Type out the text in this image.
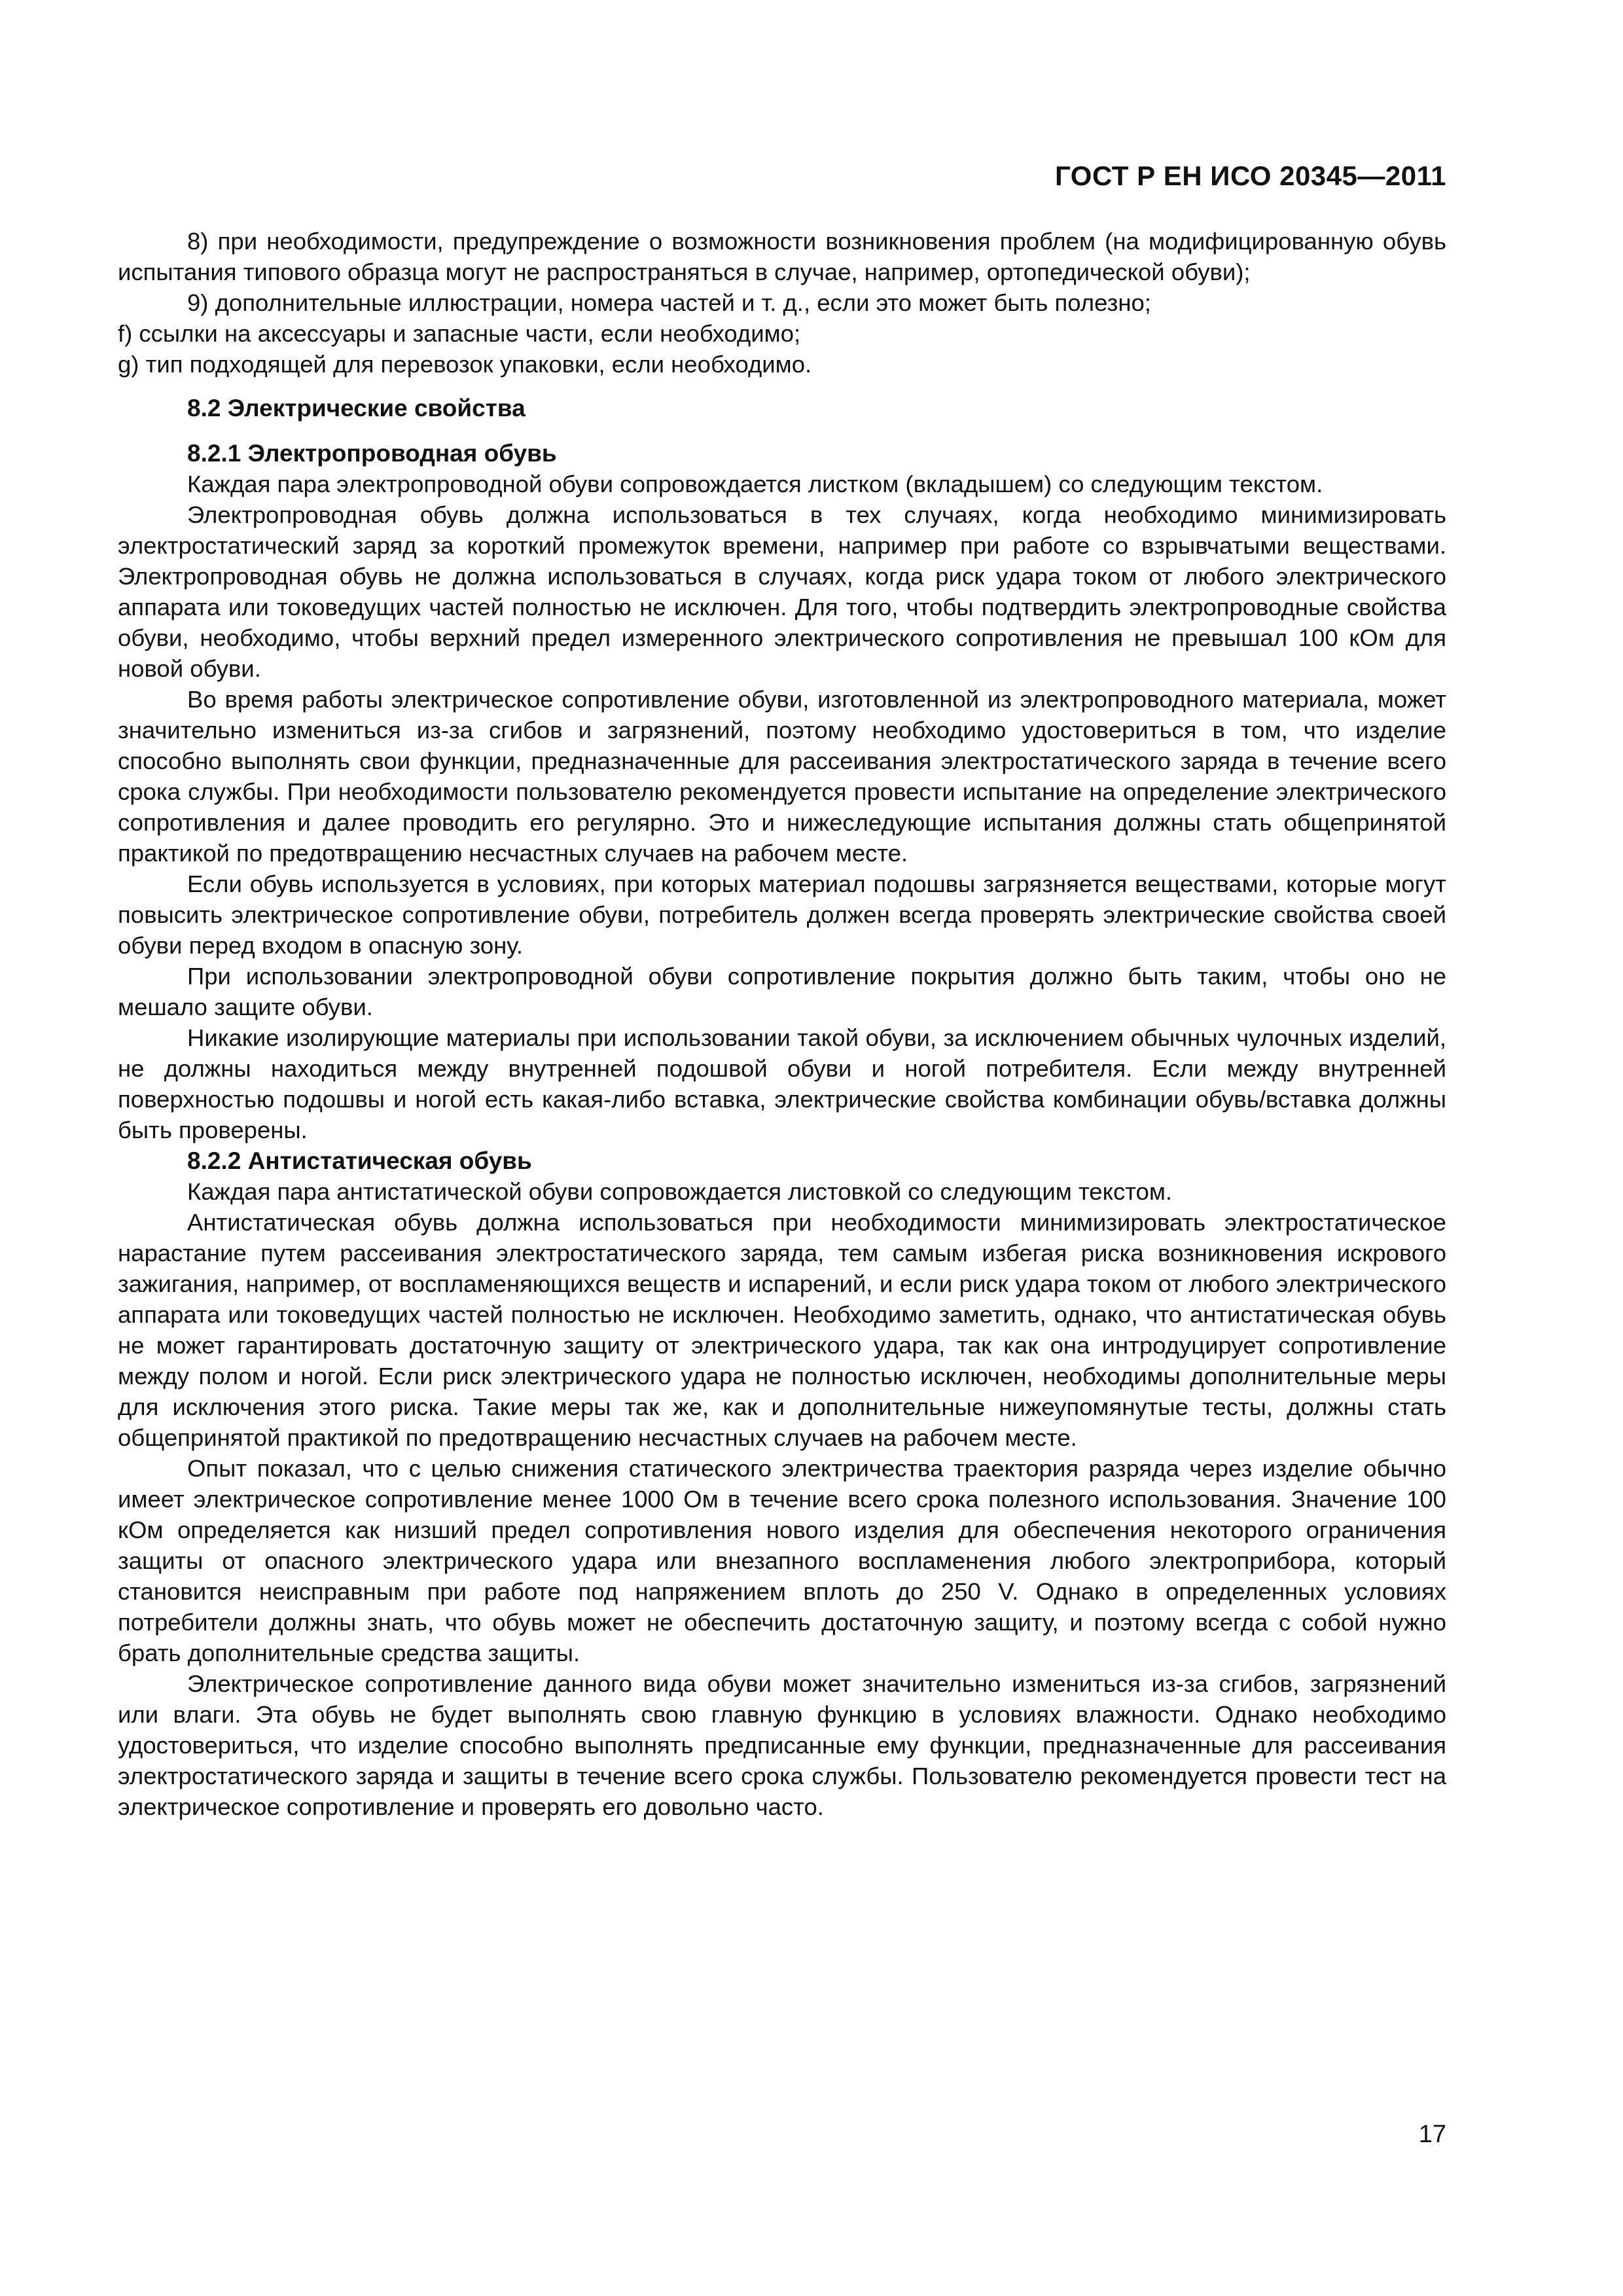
ГОСТ Р ЕН ИСО 20345—2011

8) при необходимости, предупреждение о возможности возникновения проблем (на модифицированную обувь испытания типового образца могут не распространяться в случае, например, ортопедической обуви);

9) дополнительные иллюстрации, номера частей и т. д., если это может быть полезно;

f) ссылки на аксессуары и запасные части, если необходимо;

g) тип подходящей для перевозок упаковки, если необходимо.

8.2 Электрические свойства
8.2.1 Электропроводная обувь

Каждая пара электропроводной обуви сопровождается листком (вкладышем) со следующим текстом.

Электропроводная обувь должна использоваться в тех случаях, когда необходимо минимизировать электростатический заряд за короткий промежуток времени, например при работе со взрывчатыми веществами. Электропроводная обувь не должна использоваться в случаях, когда риск удара током от любого электрического аппарата или токоведущих частей полностью не исключен. Для того, чтобы подтвердить электропроводные свойства обуви, необходимо, чтобы верхний предел измеренного электрического сопротивления не превышал 100 кОм для новой обуви.

Во время работы электрическое сопротивление обуви, изготовленной из электропроводного материала, может значительно измениться из-за сгибов и загрязнений, поэтому необходимо удостовериться в том, что изделие способно выполнять свои функции, предназначенные для рассеивания электростатического заряда в течение всего срока службы. При необходимости пользователю рекомендуется провести испытание на определение электрического сопротивления и далее проводить его регулярно. Это и нижеследующие испытания должны стать общепринятой практикой по предотвращению несчастных случаев на рабочем месте.

Если обувь используется в условиях, при которых материал подошвы загрязняется веществами, которые могут повысить электрическое сопротивление обуви, потребитель должен всегда проверять электрические свойства своей обуви перед входом в опасную зону.

При использовании электропроводной обуви сопротивление покрытия должно быть таким, чтобы оно не мешало защите обуви.

Никакие изолирующие материалы при использовании такой обуви, за исключением обычных чулочных изделий, не должны находиться между внутренней подошвой обуви и ногой потребителя. Если между внутренней поверхностью подошвы и ногой есть какая-либо вставка, электрические свойства комбинации обувь/вставка должны быть проверены.

8.2.2 Антистатическая обувь

Каждая пара антистатической обуви сопровождается листовкой со следующим текстом.

Антистатическая обувь должна использоваться при необходимости минимизировать электростатическое нарастание путем рассеивания электростатического заряда, тем самым избегая риска возникновения искрового зажигания, например, от воспламеняющихся веществ и испарений, и если риск удара током от любого электрического аппарата или токоведущих частей полностью не исключен. Необходимо заметить, однако, что антистатическая обувь не может гарантировать достаточную защиту от электрического удара, так как она интродуцирует сопротивление между полом и ногой. Если риск электрического удара не полностью исключен, необходимы дополнительные меры для исключения этого риска. Такие меры так же, как и дополнительные нижеупомянутые тесты, должны стать общепринятой практикой по предотвращению несчастных случаев на рабочем месте.

Опыт показал, что с целью снижения статического электричества траектория разряда через изделие обычно имеет электрическое сопротивление менее 1000 Ом в течение всего срока полезного использования. Значение 100 кОм определяется как низший предел сопротивления нового изделия для обеспечения некоторого ограничения защиты от опасного электрического удара или внезапного воспламенения любого электроприбора, который становится неисправным при работе под напряжением вплоть до 250 V. Однако в определенных условиях потребители должны знать, что обувь может не обеспечить достаточную защиту, и поэтому всегда с собой нужно брать дополнительные средства защиты.

Электрическое сопротивление данного вида обуви может значительно измениться из-за сгибов, загрязнений или влаги. Эта обувь не будет выполнять свою главную функцию в условиях влажности. Однако необходимо удостовериться, что изделие способно выполнять предписанные ему функции, предназначенные для рассеивания электростатического заряда и защиты в течение всего срока службы. Пользователю рекомендуется провести тест на электрическое сопротивление и проверять его довольно часто.

17
